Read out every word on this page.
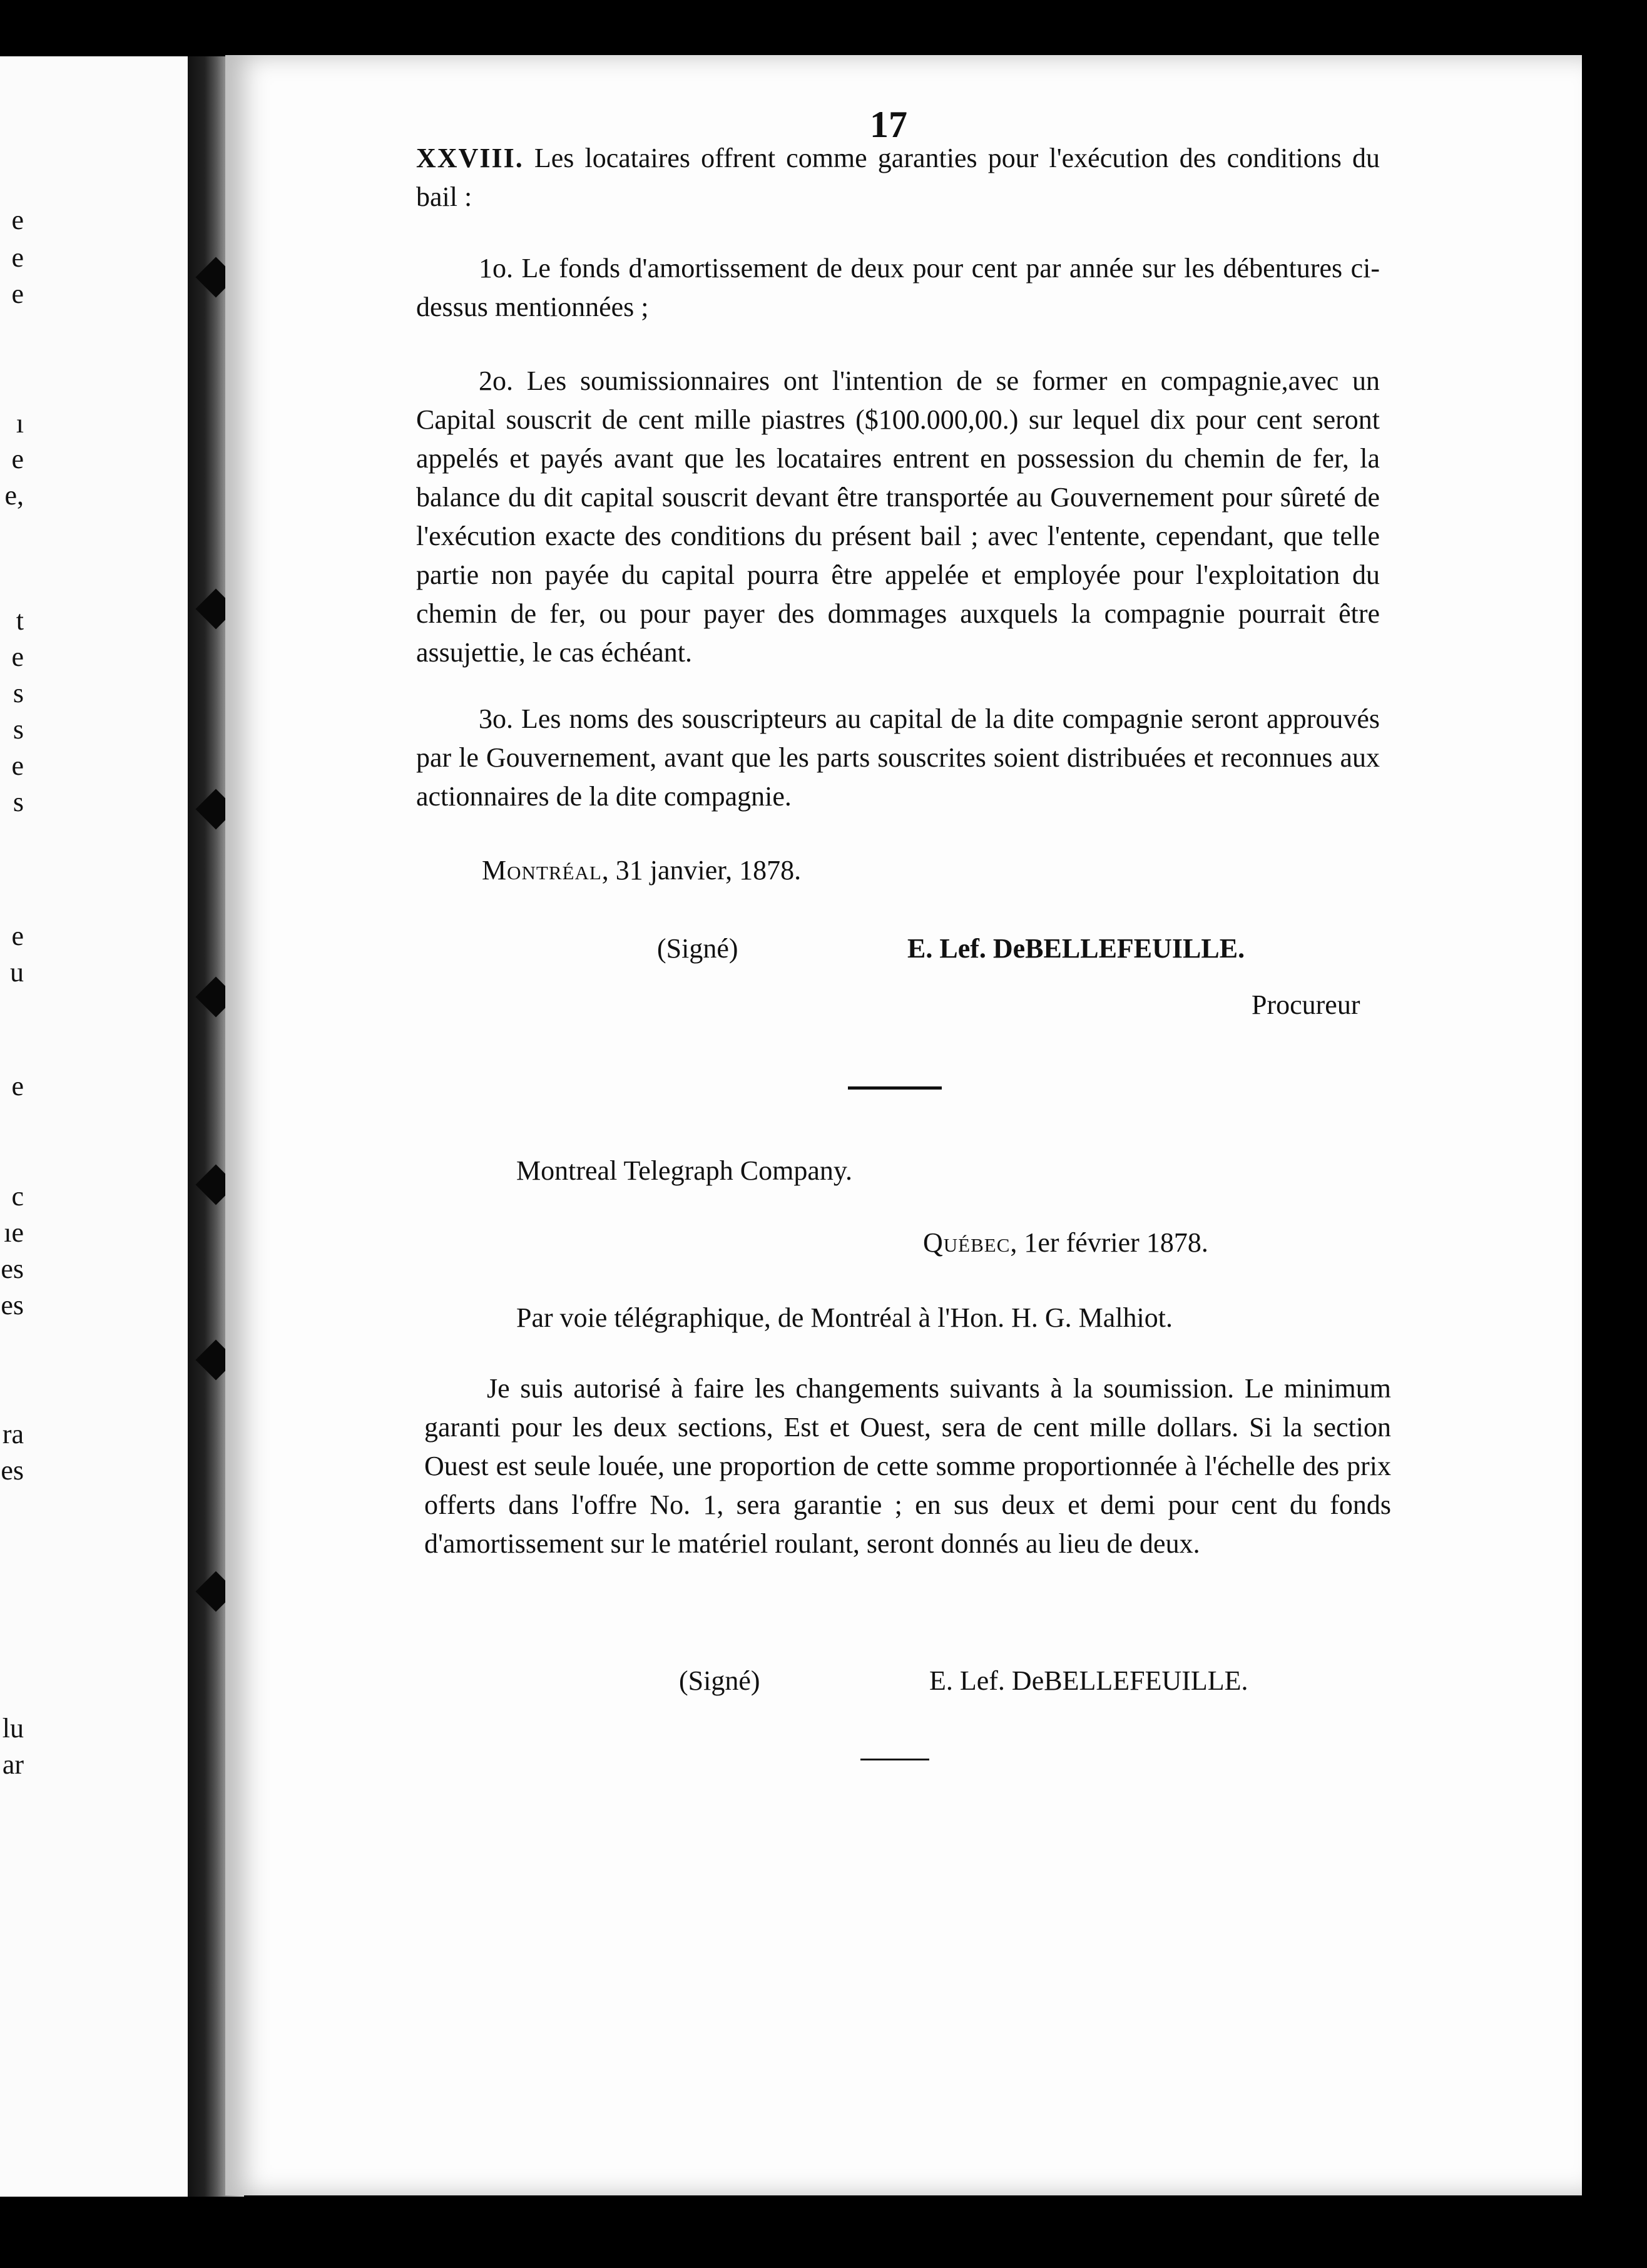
e
e
e
ı
e
e,
t
e
s
s
e
s
e
u
e
c
ıe
es
es
ra
es
lu
ar
17

XXVIII. Les locataires offrent comme garanties pour l'exécution des conditions du bail :

1o. Le fonds d'amortissement de deux pour cent par année sur les débentures ci-dessus mentionnées ;

2o. Les soumissionnaires ont l'intention de se former en compagnie,avec un Capital souscrit de cent mille piastres ($100.000,00.) sur lequel dix pour cent seront appelés et payés avant que les locataires entrent en possession du chemin de fer, la balance du dit capital souscrit devant être transportée au Gouvernement pour sûreté de l'exécution exacte des conditions du présent bail ; avec l'entente, cependant, que telle partie non payée du capital pourra être appelée et employée pour l'exploitation du chemin de fer, ou pour payer des dommages auxquels la compagnie pourrait être assujettie, le cas échéant.

3o. Les noms des souscripteurs au capital de la dite compagnie seront approuvés par le Gouvernement, avant que les parts souscrites soient distribuées et reconnues aux actionnaires de la dite compagnie.

Montréal, 31 janvier, 1878.
(Signé)	E. Lef. DeBELLEFEUILLE.
Procureur
Montreal Telegraph Company.
Québec, 1er février 1878.
Par voie télégraphique, de Montréal à l'Hon. H. G. Malhiot.

Je suis autorisé à faire les changements suivants à la soumission. Le minimum garanti pour les deux sections, Est et Ouest, sera de cent mille dollars. Si la section Ouest est seule louée, une proportion de cette somme proportionnée à l'échelle des prix offerts dans l'offre No. 1, sera garantie ; en sus deux et demi pour cent du fonds d'amortissement sur le matériel roulant, seront donnés au lieu de deux.

(Signé)	E. Lef. DeBELLEFEUILLE.
